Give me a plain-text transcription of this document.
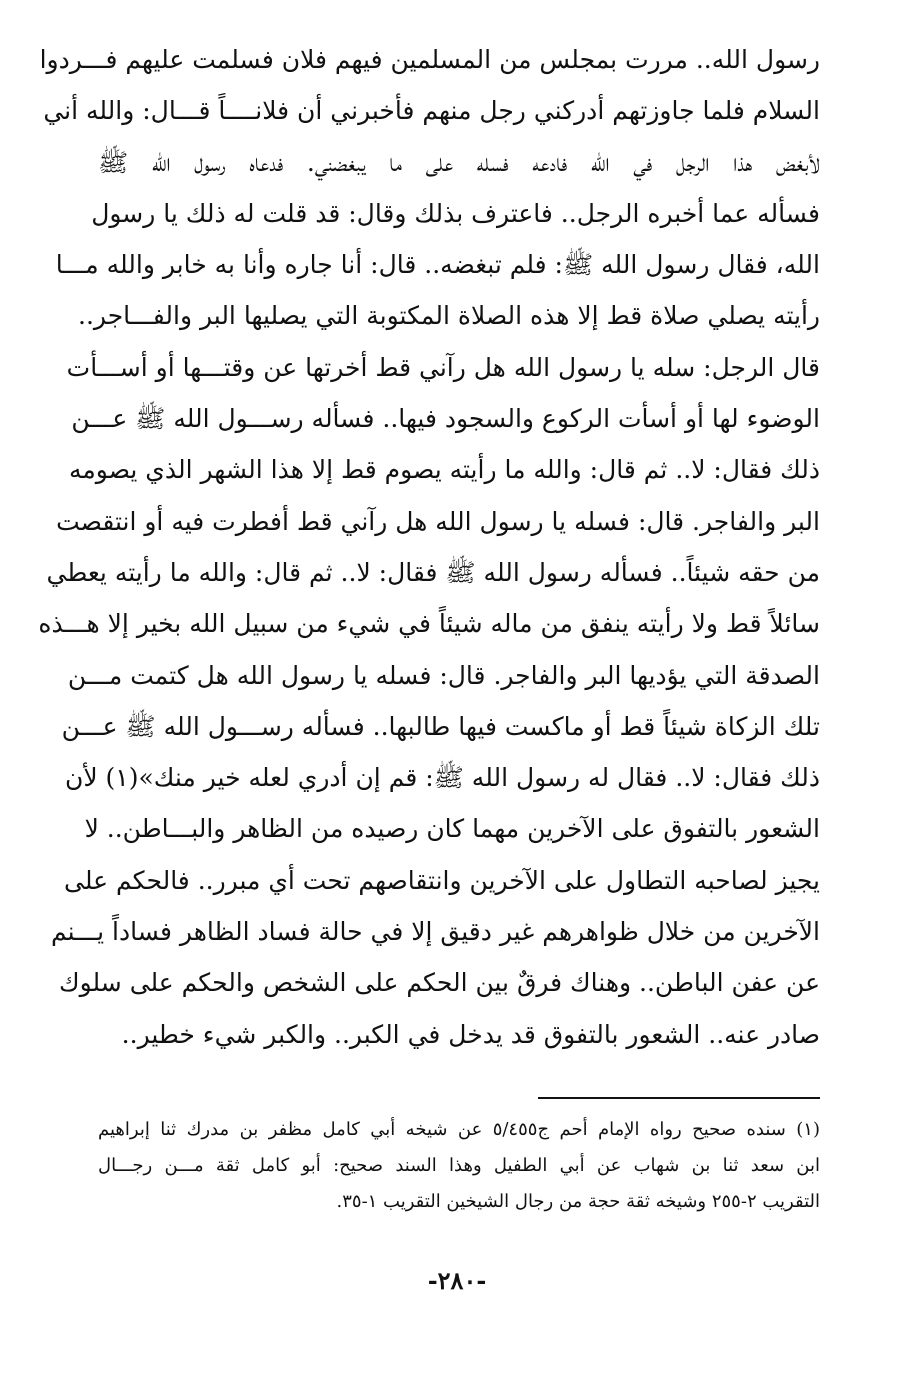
رسول الله.. مررت بمجلس من المسلمين فيهم فلان فسلمت عليهم فـــردوا
السلام فلما جاوزتهم أدركني رجل منهم فأخبرني أن فلانــــاً قـــال: والله أني
لأبغض هذا الرجل في الله فادعه فسله على ما يبغضني. فدعاه رسول الله ﷺ
فسأله عما أخبره الرجل.. فاعترف بذلك وقال: قد قلت له ذلك يا رسول
الله، فقال رسول الله ﷺ: فلم تبغضه.. قال: أنا جاره وأنا به خابر والله مـــا
رأيته يصلي صلاة قط إلا هذه الصلاة المكتوبة التي يصليها البر والفـــاجر..
قال الرجل: سله يا رسول الله هل رآني قط أخرتها عن وقتـــها أو أســـأت
الوضوء لها أو أسأت الركوع والسجود فيها.. فسأله رســـول الله ﷺ عـــن
ذلك فقال: لا.. ثم قال: والله ما رأيته يصوم قط إلا هذا الشهر الذي يصومه
البر والفاجر. قال: فسله يا رسول الله هل رآني قط أفطرت فيه أو انتقصت
من حقه شيئاً.. فسأله رسول الله ﷺ فقال: لا.. ثم قال: والله ما رأيته يعطي
سائلاً قط ولا رأيته ينفق من ماله شيئاً في شيء من سبيل الله بخير إلا هـــذه
الصدقة التي يؤديها البر والفاجر. قال: فسله يا رسول الله هل كتمت مـــن
تلك الزكاة شيئاً قط أو ماكست فيها طالبها.. فسأله رســـول الله ﷺ عـــن
ذلك فقال: لا.. فقال له رسول الله ﷺ: قم إن أدري لعله خير منك»(١) لأن
الشعور بالتفوق على الآخرين مهما كان رصيده من الظاهر والبـــاطن.. لا
يجيز لصاحبه التطاول على الآخرين وانتقاصهم تحت أي مبرر.. فالحكم على
الآخرين من خلال ظواهرهم غير دقيق إلا في حالة فساد الظاهر فساداً يـــنم
عن عفن الباطن.. وهناك فرقٌ بين الحكم على الشخص والحكم على سلوك
صادر عنه.. الشعور بالتفوق قد يدخل في الكبر.. والكبر شيء خطير..
(١) سنده صحيح رواه الإمام أحم ج٥/٤٥٥ عن شيخه أبي كامل مظفر بن مدرك ثنا إبراهيم
ابن سعد ثنا بن شهاب عن أبي الطفيل وهذا السند صحيح: أبو كامل ثقة مـــن رجـــال
التقريب ٢-٢٥٥ وشيخه ثقة حجة من رجال الشيخين التقريب ١-٣٥.
-٢٨٠-
